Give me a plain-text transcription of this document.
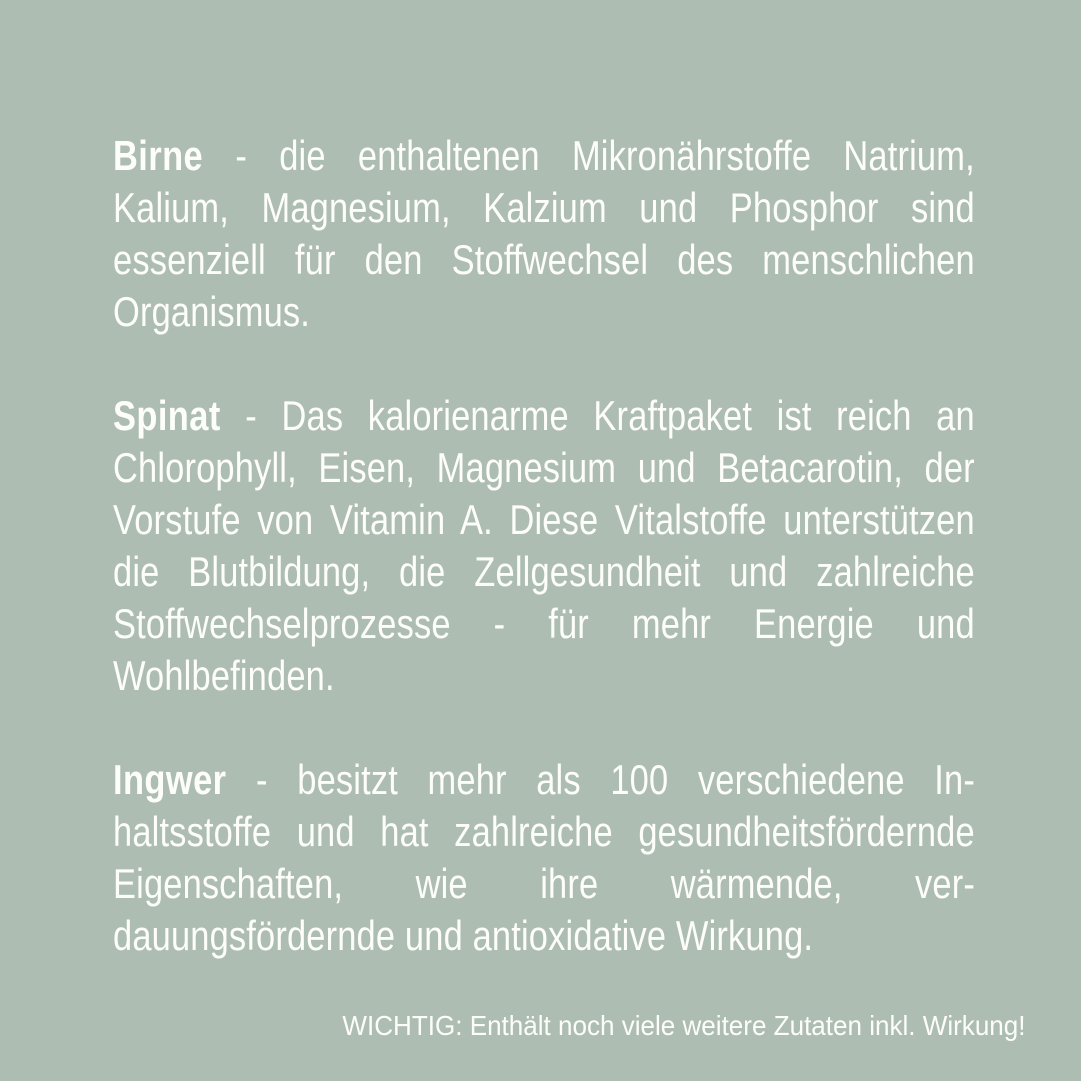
Birne - die enthaltenen Mikronährstoffe Natrium, Kalium, Magnesium, Kalzium und Phosphor sind essenziell für den Stoffwechsel des menschlichen Organismus.

Spinat - Das kalorienarme Kraftpaket ist reich an Chlorophyll, Eisen, Magnesium und Betacarotin, der Vorstufe von Vitamin A. Diese Vitalstoffe unterstützen die Blutbildung, die Zellgesundheit und zahlreiche Stoffwechselprozesse - für mehr Energie und Wohlbefinden.

Ingwer - besitzt mehr als 100 verschiedene Inhaltsstoffe und hat zahlreiche gesundheitsfördernde Eigenschaften, wie ihre wärmende, verdauungsfördernde und antioxidative Wirkung.

WICHTIG: Enthält noch viele weitere Zutaten inkl. Wirkung!
